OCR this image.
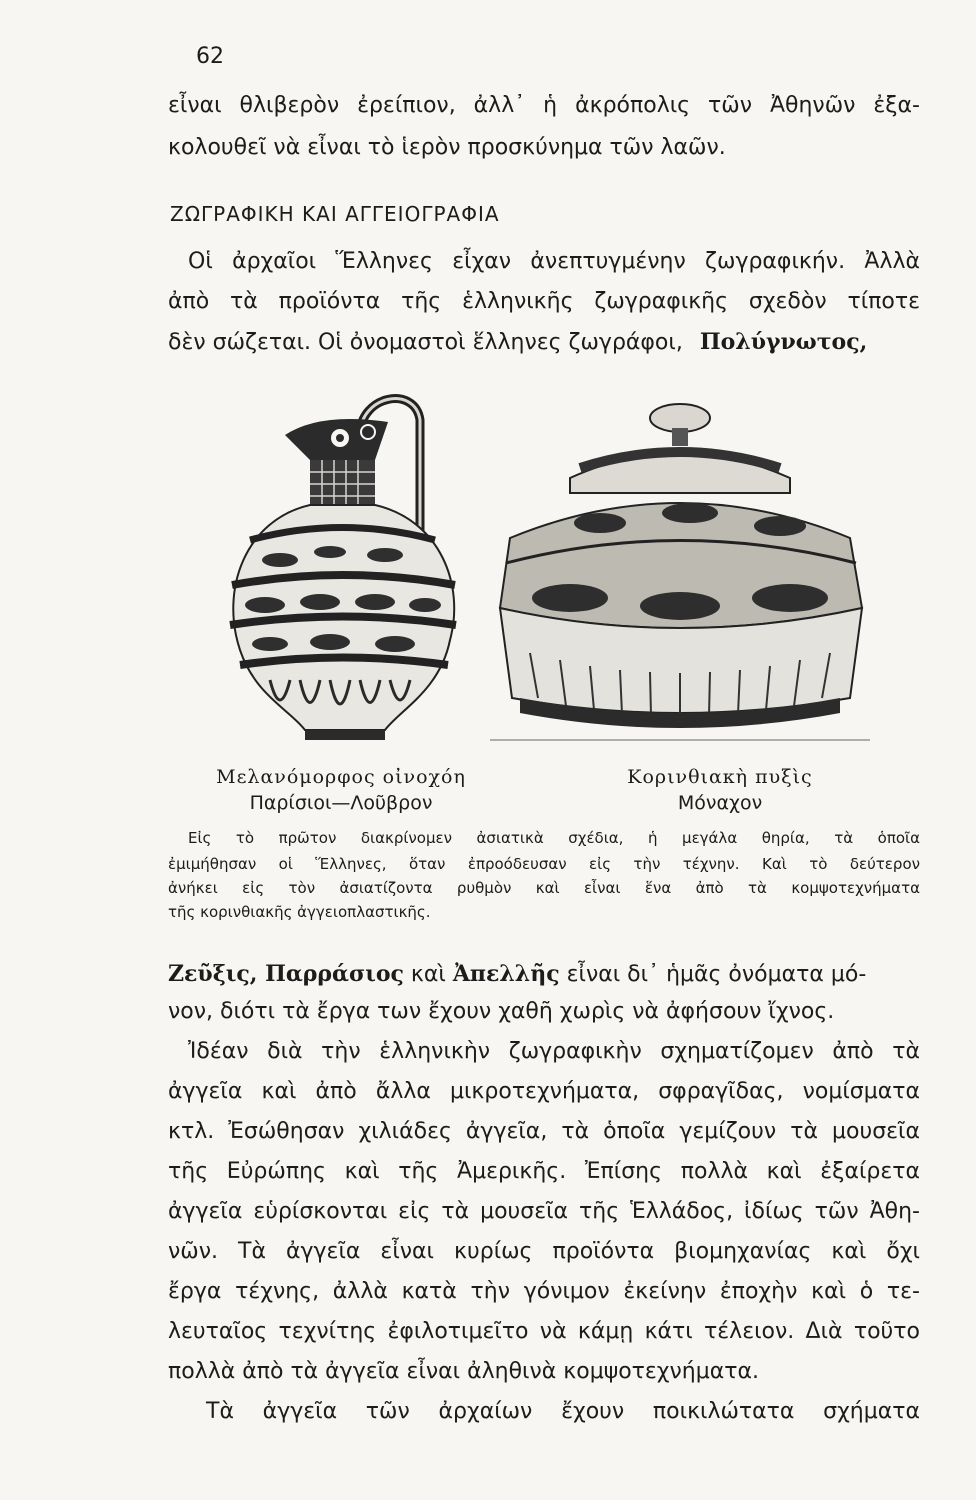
62
εἶναι θλιβερὸν ἐρείπιον, ἀλλ᾽ ἡ ἀκρόπολις τῶν Ἀθηνῶν ἐξα-
κολουθεῖ νὰ εἶναι τὸ ἱερὸν προσκύνημα τῶν λαῶν.
ΖΩΓΡΑΦΙΚΗ ΚΑΙ ΑΓΓΕΙΟΓΡΑΦΙΑ
Οἱ ἀρχαῖοι Ἕλληνες εἶχαν ἀνεπτυγμένην ζωγραφικήν. Ἀλλὰ
ἀπὸ τὰ προϊόντα τῆς ἑλληνικῆς ζωγραφικῆς σχεδὸν τίποτε
δὲν σώζεται. Οἱ ὀνομαστοὶ ἕλληνες ζωγράφοι, Πολύγνωτος,
Μελανόμορφος οἰνοχόη
Παρίσιοι—Λοῦβρον
Κορινθιακὴ πυξὶς
Μόναχον
Εἰς τὸ πρῶτον διακρίνομεν ἀσιατικὰ σχέδια, ἡ μεγάλα θηρία, τὰ ὁποῖα
ἐμιμήθησαν οἱ Ἕλληνες, ὅταν ἐπροόδευσαν εἰς τὴν τέχνην. Καὶ τὸ δεύτερον
ἀνήκει εἰς τὸν ἀσιατίζοντα ρυθμὸν καὶ εἶναι ἕνα ἀπὸ τὰ κομψοτεχνήματα
τῆς κορινθιακῆς ἀγγειοπλαστικῆς.
Ζεῦξις, Παρράσιος καὶ Ἀπελλῆς εἶναι δι᾽ ἡμᾶς ὀνόματα μό-
νον, διότι τὰ ἔργα των ἔχουν χαθῆ χωρὶς νὰ ἀφήσουν ἴχνος.
Ἰδέαν διὰ τὴν ἑλληνικὴν ζωγραφικὴν σχηματίζομεν ἀπὸ τὰ
ἀγγεῖα καὶ ἀπὸ ἄλλα μικροτεχνήματα, σφραγῖδας, νομίσματα
κτλ. Ἐσώθησαν χιλιάδες ἀγγεῖα, τὰ ὁποῖα γεμίζουν τὰ μουσεῖα
τῆς Εὐρώπης καὶ τῆς Ἀμερικῆς. Ἐπίσης πολλὰ καὶ ἐξαίρετα
ἀγγεῖα εὑρίσκονται εἰς τὰ μουσεῖα τῆς Ἑλλάδος, ἰδίως τῶν Ἀθη-
νῶν. Τὰ ἀγγεῖα εἶναι κυρίως προϊόντα βιομηχανίας καὶ ὄχι
ἔργα τέχνης, ἀλλὰ κατὰ τὴν γόνιμον ἐκείνην ἐποχὴν καὶ ὁ τε-
λευταῖος τεχνίτης ἐφιλοτιμεῖτο νὰ κάμῃ κάτι τέλειον. Διὰ τοῦτο
πολλὰ ἀπὸ τὰ ἀγγεῖα εἶναι ἀληθινὰ κομψοτεχνήματα.
Τὰ ἀγγεῖα τῶν ἀρχαίων ἔχουν ποικιλώτατα σχήματα
